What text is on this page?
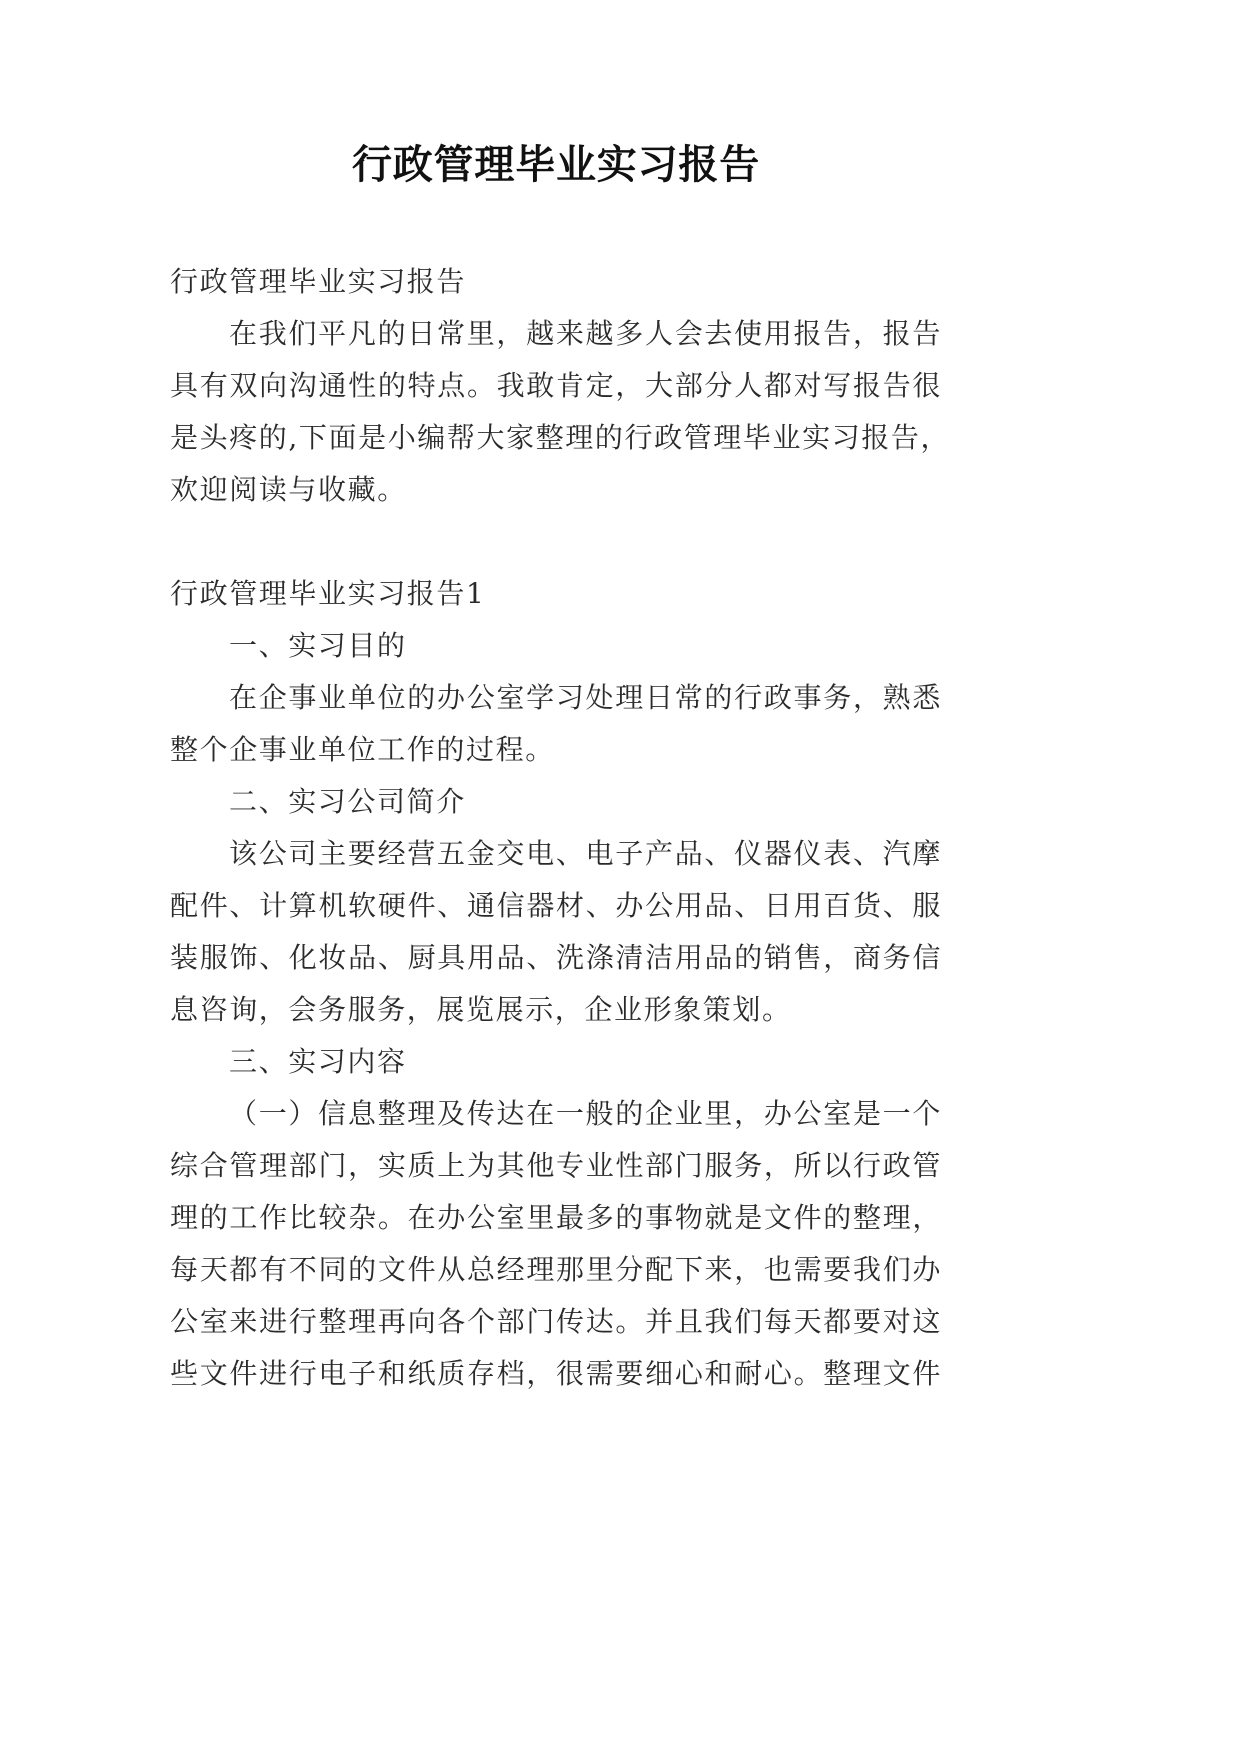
行政管理毕业实习报告
行政管理毕业实习报告
在我们平凡的日常里，越来越多人会去使用报告，报告
具有双向沟通性的特点。我敢肯定，大部分人都对写报告很
是头疼的,下面是小编帮大家整理的行政管理毕业实习报告，
欢迎阅读与收藏。
行政管理毕业实习报告1
一、实习目的
在企事业单位的办公室学习处理日常的行政事务，熟悉
整个企事业单位工作的过程。
二、实习公司简介
该公司主要经营五金交电、电子产品、仪器仪表、汽摩
配件、计算机软硬件、通信器材、办公用品、日用百货、服
装服饰、化妆品、厨具用品、洗涤清洁用品的销售，商务信
息咨询，会务服务，展览展示，企业形象策划。
三、实习内容
（一）信息整理及传达在一般的企业里，办公室是一个
综合管理部门，实质上为其他专业性部门服务，所以行政管
理的工作比较杂。在办公室里最多的事物就是文件的整理，
每天都有不同的文件从总经理那里分配下来，也需要我们办
公室来进行整理再向各个部门传达。并且我们每天都要对这
些文件进行电子和纸质存档，很需要细心和耐心。整理文件
